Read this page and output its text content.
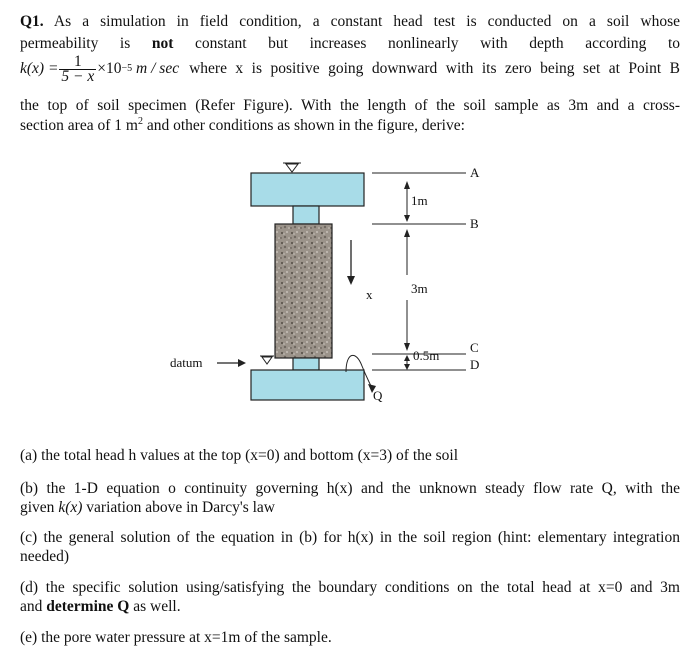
Q1. As a simulation in field condition, a constant head test is conducted on a soil whose
permeability is not constant but increases nonlinearly with depth according to
$k(x) = \frac{1}{5 - x} \times 10 -5$
m / sec where x is positive going downward with its zero being set at Point B
the top of soil specimen (Refer Figure). With the length of the soil sample as 3m and a cross-
section area of 1 $m^2$ and other conditions as shown in the figure, derive:
A
B
C
D
x
1m
3m
0.5m
Q
datum
(a) the total head h values at the top (x=0) and bottom (x=3) of the soil
(b) the 1-D equation o continuity governing h(x) and the unknown steady flow rate Q, with the
given k(x) variation above in Darcy's law
(c) the general solution of the equation in (b) for h(x) in the soil region (hint: elementary integration
needed)
(d) the specific solution using/satisfying the boundary conditions on the total head at x=0 and 3m
and determine Q as well.
(e) the pore water pressure at x=1m of the sample.
